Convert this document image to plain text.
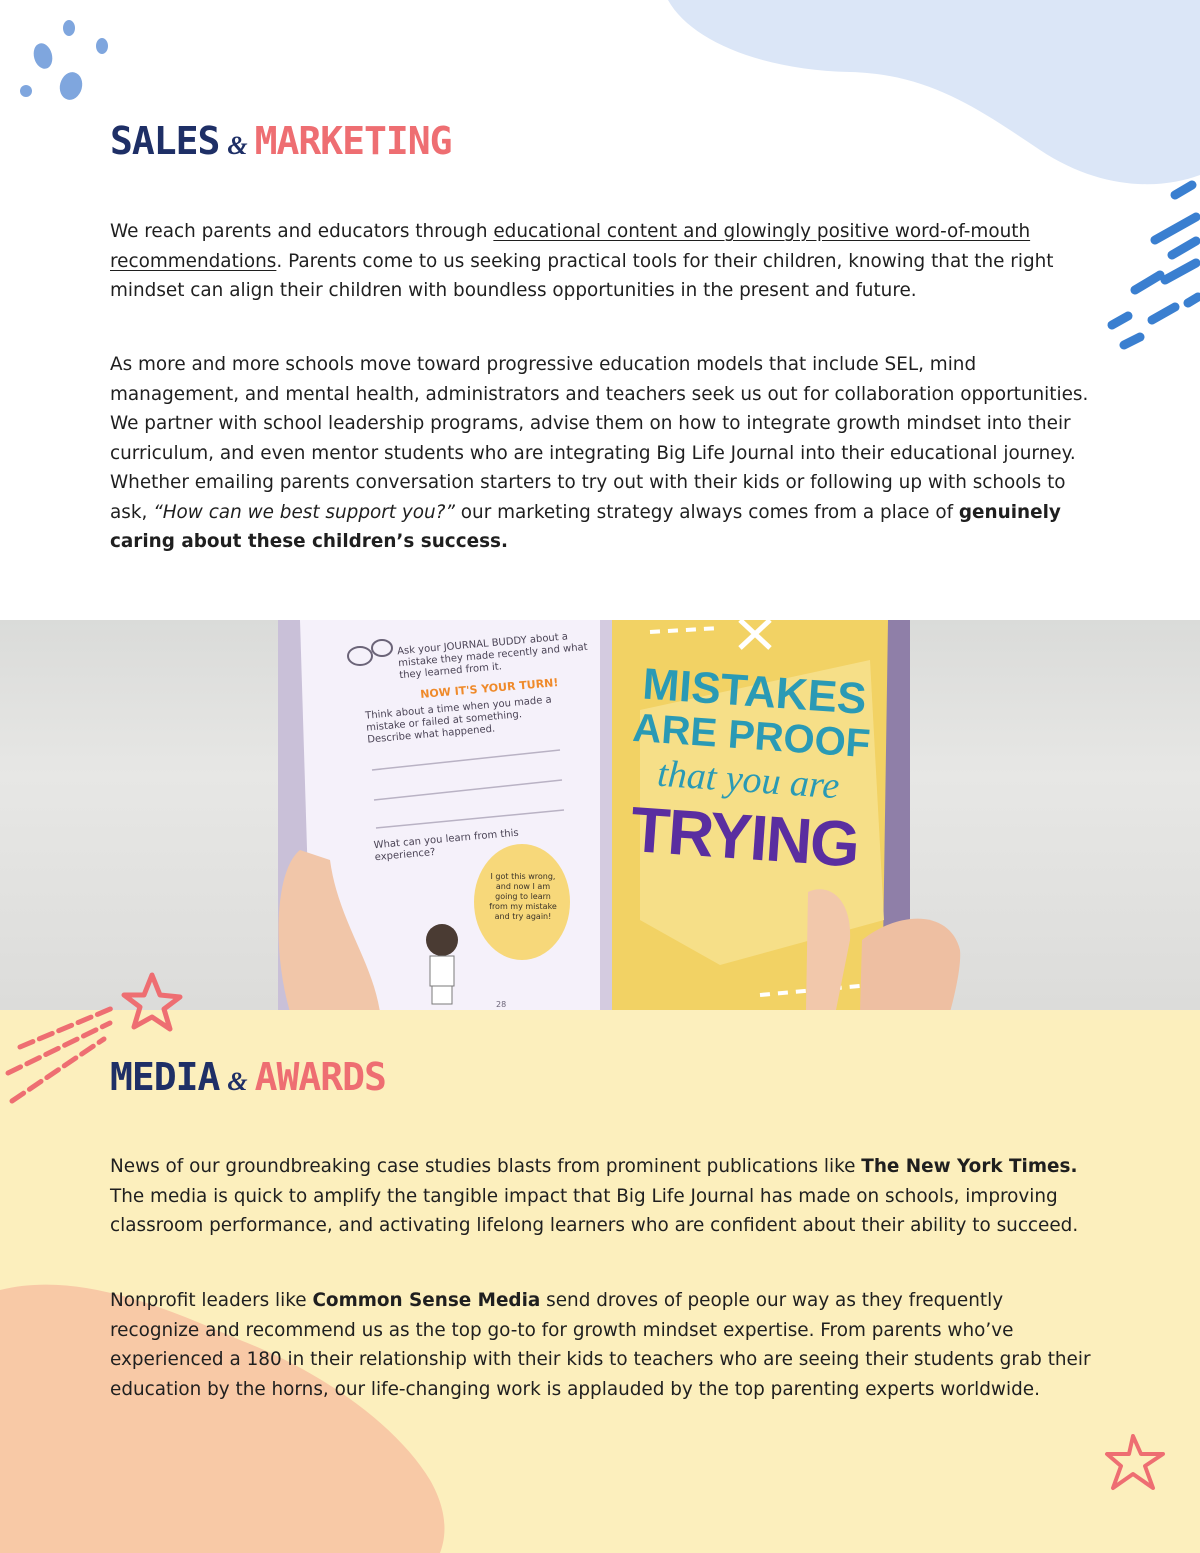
SALES & MARKETING

We reach parents and educators through educational content and glowingly positive word-of-mouth recommendations. Parents come to us seeking practical tools for their children, knowing that the right mindset can align their children with boundless opportunities in the present and future.

As more and more schools move toward progressive education models that include SEL, mind management, and mental health, administrators and teachers seek us out for collaboration opportunities. We partner with school leadership programs, advise them on how to integrate growth mindset into their curriculum, and even mentor students who are integrating Big Life Journal into their educational journey. Whether emailing parents conversation starters to try out with their kids or following up with schools to ask, “How can we best support you?” our marketing strategy always comes from a place of genuinely caring about these children’s success.

Ask your JOURNAL BUDDY about a mistake they made recently and what they learned from it.
NOW IT'S YOUR TURN!
Think about a time when you made a mistake or failed at something. Describe what happened.
What can you learn from this experience?
I got this wrong, and now I am going to learn from my mistake and try again!
28
MISTAKES
ARE PROOF
that you are
TRYING
MEDIA & AWARDS

News of our groundbreaking case studies blasts from prominent publications like The New York Times. The media is quick to amplify the tangible impact that Big Life Journal has made on schools, improving classroom performance, and activating lifelong learners who are confident about their ability to succeed.

Nonprofit leaders like Common Sense Media send droves of people our way as they frequently recognize and recommend us as the top go-to for growth mindset expertise. From parents who’ve experienced a 180 in their relationship with their kids to teachers who are seeing their students grab their education by the horns, our life-changing work is applauded by the top parenting experts worldwide.
